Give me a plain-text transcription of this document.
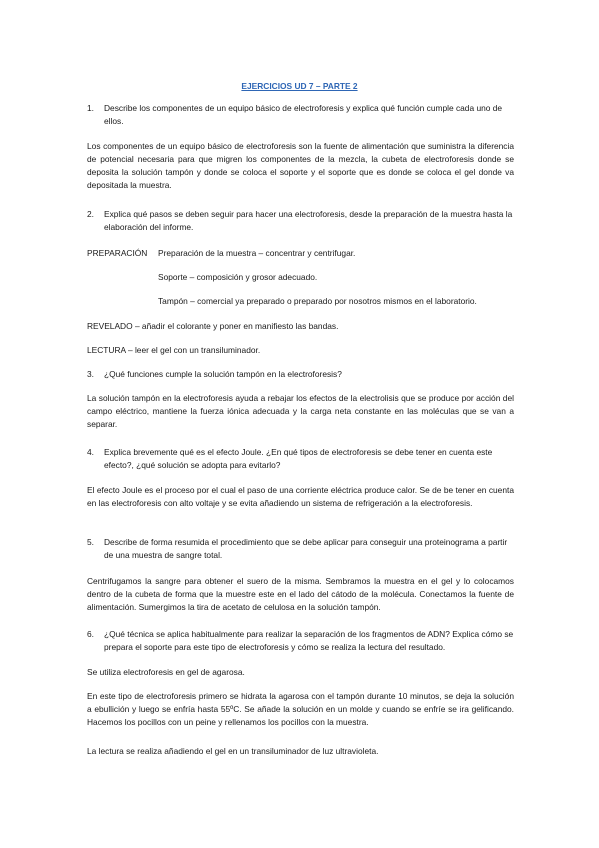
EJERCICIOS UD 7 – PARTE 2
1. Describe los componentes de un equipo básico de electroforesis y explica qué función cumple cada uno de ellos.
Los componentes de un equipo básico de electroforesis son la fuente de alimentación que suministra la diferencia de potencial necesaria para que migren los componentes de la mezcla, la cubeta de electroforesis donde se deposita la solución tampón y donde se coloca el soporte y el soporte que es donde se coloca el gel donde va depositada la muestra.
2. Explica qué pasos se deben seguir para hacer una electroforesis, desde la preparación de la muestra hasta la elaboración del informe.
PREPARACIÓN Preparación de la muestra – concentrar y centrifugar.
Soporte – composición y grosor adecuado.
Tampón – comercial ya preparado o preparado por nosotros mismos en el laboratorio.
REVELADO – añadir el colorante y poner en manifiesto las bandas.
LECTURA – leer el gel con un transiluminador.
3. ¿Qué funciones cumple la solución tampón en la electroforesis?
La solución tampón en la electroforesis ayuda a rebajar los efectos de la electrolisis que se produce por acción del campo eléctrico, mantiene la fuerza iónica adecuada y la carga neta constante en las moléculas que se van a separar.
4. Explica brevemente qué es el efecto Joule. ¿En qué tipos de electroforesis se debe tener en cuenta este efecto?, ¿qué solución se adopta para evitarlo?
El efecto Joule es el proceso por el cual el paso de una corriente eléctrica produce calor. Se de be tener en cuenta en las electroforesis con alto voltaje y se evita añadiendo un sistema de refrigeración a la electroforesis.
5. Describe de forma resumida el procedimiento que se debe aplicar para conseguir una proteinograma a partir de una muestra de sangre total.
Centrifugamos la sangre para obtener el suero de la misma. Sembramos la muestra en el gel y lo colocamos dentro de la cubeta de forma que la muestre este en el lado del cátodo de la molécula. Conectamos la fuente de alimentación. Sumergimos la tira de acetato de celulosa en la solución tampón.
6. ¿Qué técnica se aplica habitualmente para realizar la separación de los fragmentos de ADN? Explica cómo se prepara el soporte para este tipo de electroforesis y cómo se realiza la lectura del resultado.
Se utiliza electroforesis en gel de agarosa.
En este tipo de electroforesis primero se hidrata la agarosa con el tampón durante 10 minutos, se deja la solución a ebullición y luego se enfría hasta 55ºC. Se añade la solución en un molde y cuando se enfríe se ira gelificando. Hacemos los pocillos con un peine y rellenamos los pocillos con la muestra.
La lectura se realiza añadiendo el gel en un transiluminador de luz ultravioleta.
